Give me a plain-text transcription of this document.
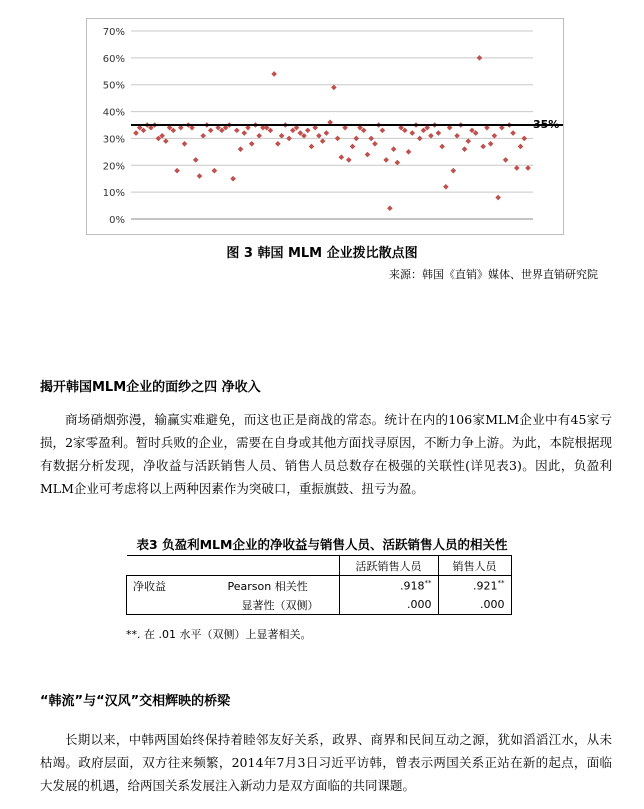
70%
60%
50%
40%
30%
20%
10%
0%
35%
图 3 韩国 MLM 企业拨比散点图
来源：韩国《直销》媒体、世界直销研究院
揭开韩国MLM企业的面纱之四 净收入
商场硝烟弥漫，输赢实难避免，而这也正是商战的常态。统计在内的106家MLM企业中有45家亏损，2家零盈利。暂时兵败的企业，需要在自身或其他方面找寻原因，不断力争上游。为此，本院根据现有数据分析发现，净收益与活跃销售人员、销售人员总数存在极强的关联性(详见表3)。因此，负盈利MLM企业可考虑将以上两种因素作为突破口，重振旗鼓、扭亏为盈。
表3 负盈利MLM企业的净收益与销售人员、活跃销售人员的相关性
		活跃销售人员	销售人员
净收益	Pearson 相关性	.918**	.921**
	显著性（双侧）	.000	.000
**. 在 .01 水平（双侧）上显著相关。
“韩流”与“汉风”交相辉映的桥梁
长期以来，中韩两国始终保持着睦邻友好关系，政界、商界和民间互动之源，犹如滔滔江水，从未枯竭。政府层面，双方往来频繁，2014年7月3日习近平访韩，曾表示两国关系正站在新的起点，面临大发展的机遇，给两国关系发展注入新动力是双方面临的共同课题。
